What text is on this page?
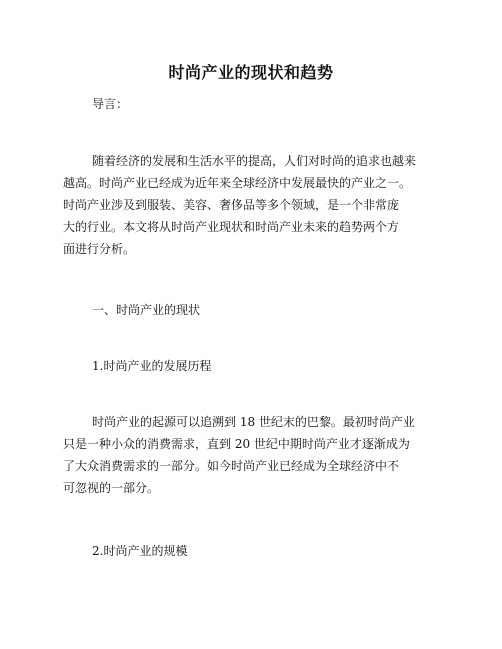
时尚产业的现状和趋势
导言：
随着经济的发展和生活水平的提高，人们对时尚的追求也越来
越高。时尚产业已经成为近年来全球经济中发展最快的产业之一。
时尚产业涉及到服装、美容、奢侈品等多个领域，是一个非常庞
大的行业。本文将从时尚产业现状和时尚产业未来的趋势两个方
面进行分析。
一、时尚产业的现状
1.时尚产业的发展历程
时尚产业的起源可以追溯到 18 世纪末的巴黎。最初时尚产业
只是一种小众的消费需求，直到 20 世纪中期时尚产业才逐渐成为
了大众消费需求的一部分。如今时尚产业已经成为全球经济中不
可忽视的一部分。
2.时尚产业的规模
